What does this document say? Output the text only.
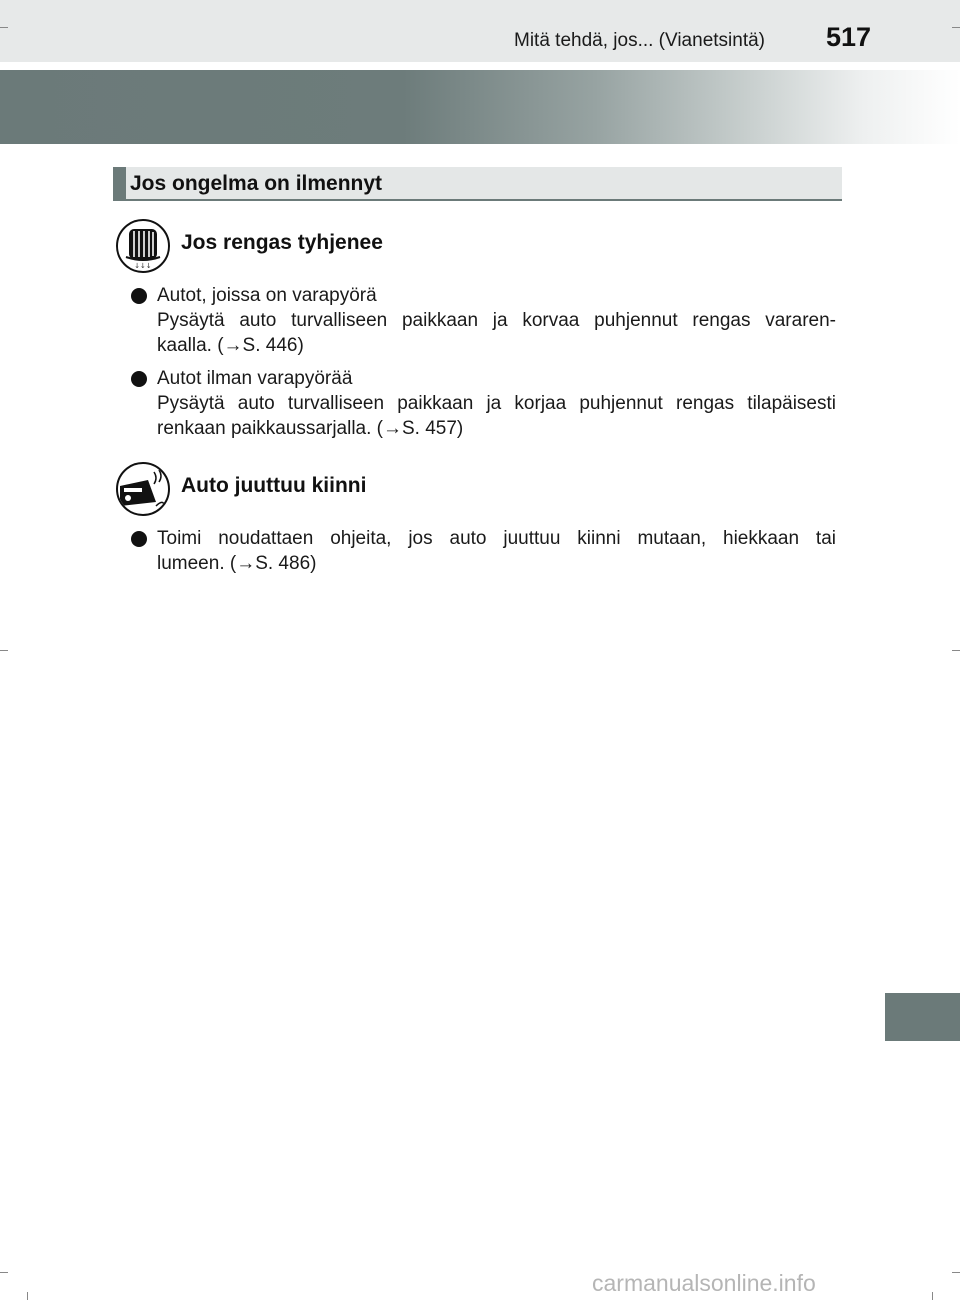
Mitä tehdä, jos... (Vianetsintä) 517
Jos ongelma on ilmennyt
↓↓↓
Jos rengas tyhjenee
Autot, joissa on varapyörä
Pysäytä auto turvalliseen paikkaan ja korvaa puhjennut rengas vararen-
kaalla. (→S. 446)
Autot ilman varapyörää
Pysäytä auto turvalliseen paikkaan ja korjaa puhjennut rengas tilapäisesti
renkaan paikkaussarjalla. (→S. 457)
Auto juuttuu kiinni
Toimi noudattaen ohjeita, jos auto juuttuu kiinni mutaan, hiekkaan tai
lumeen. (→S. 486)
carmanualsonline.info
